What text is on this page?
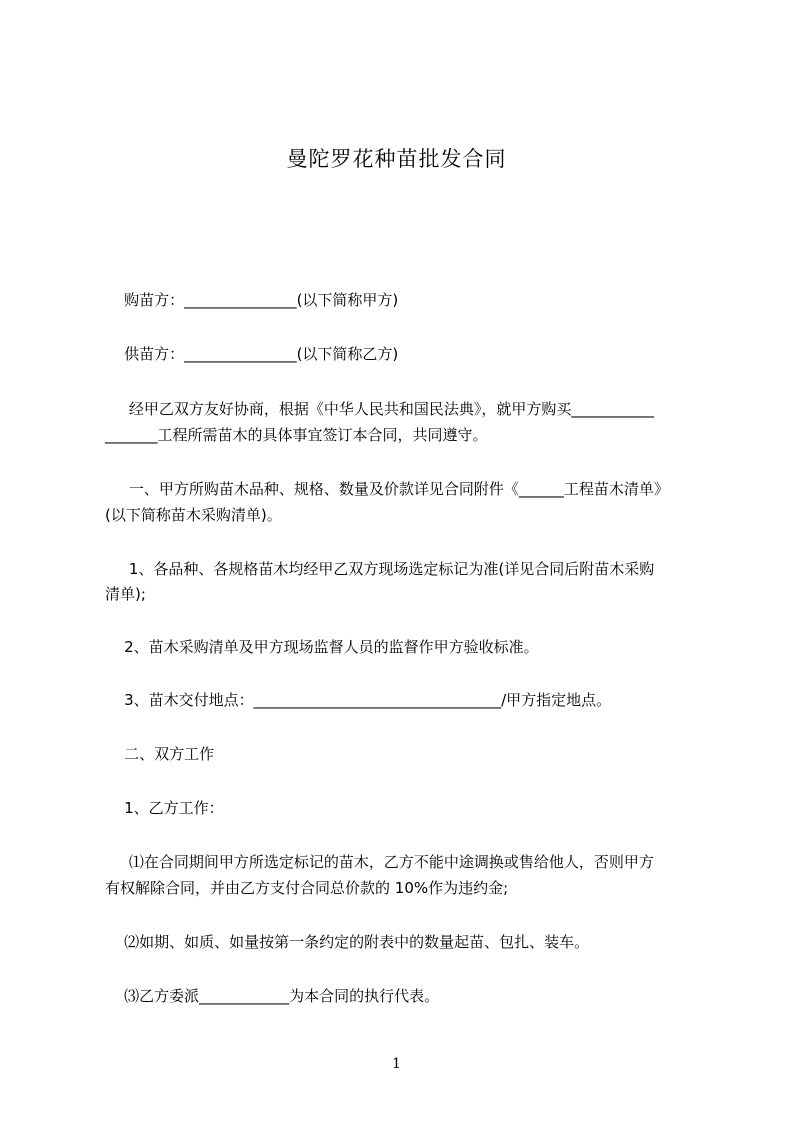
曼陀罗花种苗批发合同
购苗方：_______________(以下简称甲方)
供苗方：_______________(以下简称乙方)
经甲乙双方友好协商，根据《中华人民共和国民法典》，就甲方购买___________
_______工程所需苗木的具体事宜签订本合同，共同遵守。
一、甲方所购苗木品种、规格、数量及价款详见合同附件《______工程苗木清单》
(以下简称苗木采购清单)。
1、各品种、各规格苗木均经甲乙双方现场选定标记为准(详见合同后附苗木采购
清单);
2、苗木采购清单及甲方现场监督人员的监督作甲方验收标准。
3、苗木交付地点：_________________________________/甲方指定地点。
二、双方工作
1、乙方工作：
⑴在合同期间甲方所选定标记的苗木，乙方不能中途调换或售给他人，否则甲方
有权解除合同，并由乙方支付合同总价款的 10%作为违约金;
⑵如期、如质、如量按第一条约定的附表中的数量起苗、包扎、装车。
⑶乙方委派____________为本合同的执行代表。
1
